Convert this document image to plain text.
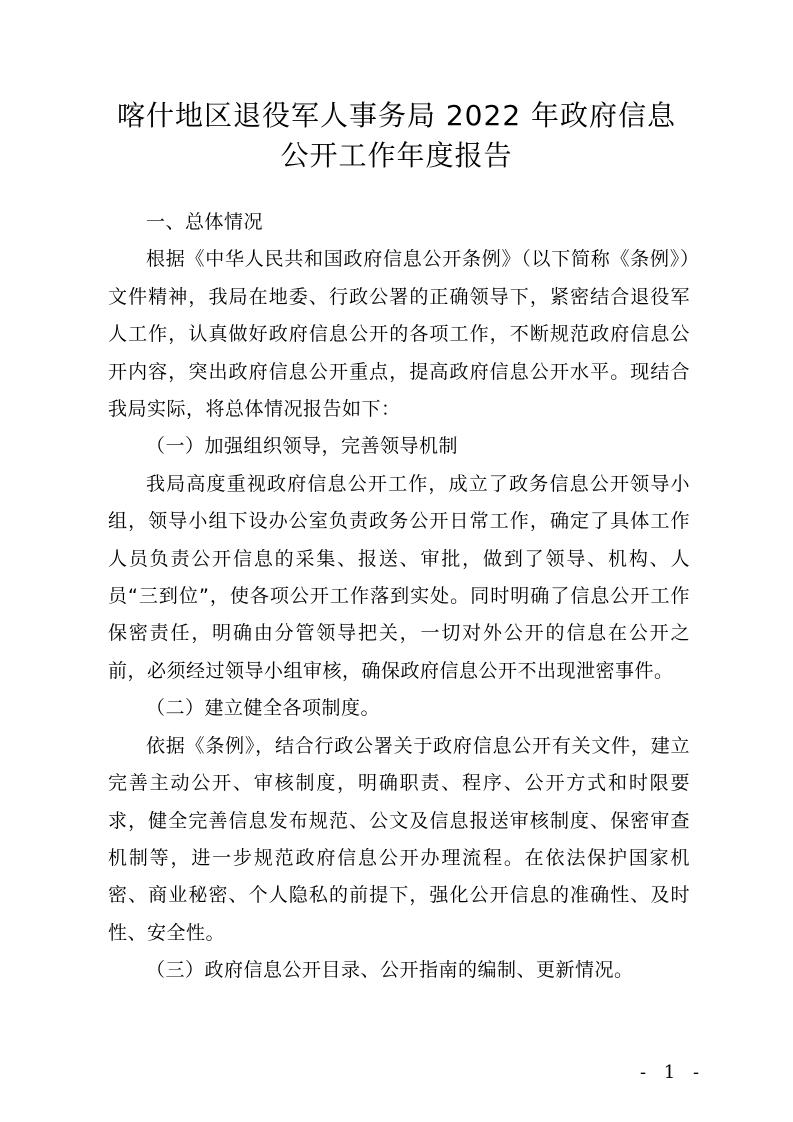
喀什地区退役军人事务局 2022 年政府信息
公开工作年度报告

一、总体情况

根据《中华人民共和国政府信息公开条例》（以下简称《条例》）文件精神，我局在地委、行政公署的正确领导下，紧密结合退役军人工作，认真做好政府信息公开的各项工作，不断规范政府信息公开内容，突出政府信息公开重点，提高政府信息公开水平。现结合我局实际，将总体情况报告如下：

（一）加强组织领导，完善领导机制

我局高度重视政府信息公开工作，成立了政务信息公开领导小组，领导小组下设办公室负责政务公开日常工作，确定了具体工作人员负责公开信息的采集、报送、审批，做到了领导、机构、人员“三到位”，使各项公开工作落到实处。同时明确了信息公开工作保密责任，明确由分管领导把关，一切对外公开的信息在公开之前，必须经过领导小组审核，确保政府信息公开不出现泄密事件。

（二）建立健全各项制度。

依据《条例》，结合行政公署关于政府信息公开有关文件，建立完善主动公开、审核制度，明确职责、程序、公开方式和时限要求，健全完善信息发布规范、公文及信息报送审核制度、保密审查机制等，进一步规范政府信息公开办理流程。在依法保护国家机密、商业秘密、个人隐私的前提下，强化公开信息的准确性、及时性、安全性。

（三）政府信息公开目录、公开指南的编制、更新情况。

- 1 -
